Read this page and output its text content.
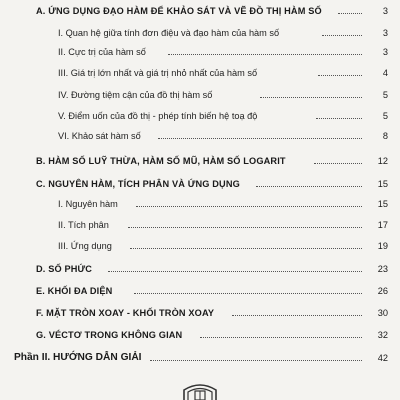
A. ỨNG DỤNG ĐẠO HÀM ĐỂ KHẢO SÁT VÀ VẼ ĐỒ THỊ HÀM SỐ	3
I. Quan hệ giữa tính đơn điệu và đạo hàm của hàm số	3
II. Cực trị của hàm số	3
III. Giá trị lớn nhất và giá trị nhỏ nhất của hàm số	4
IV. Đường tiệm cận của đồ thị hàm số	5
V. Điểm uốn của đồ thị - phép tính biến hệ toạ độ	5
VI. Khảo sát hàm số	8
B. HÀM SỐ LUỸ THỪA, HÀM SỐ MŨ, HÀM SỐ LOGARIT	12
C. NGUYÊN HÀM, TÍCH PHÂN VÀ ỨNG DỤNG	15
I. Nguyên hàm	15
II. Tích phân	17
III. Ứng dụng	19
D. SỐ PHỨC	23
E. KHỐI ĐA DIỆN	26
F. MẶT TRÒN XOAY - KHỐI TRÒN XOAY	30
G. VÉCTƠ TRONG KHÔNG GIAN	32
Phần II. HƯỚNG DẪN GIẢI	42
